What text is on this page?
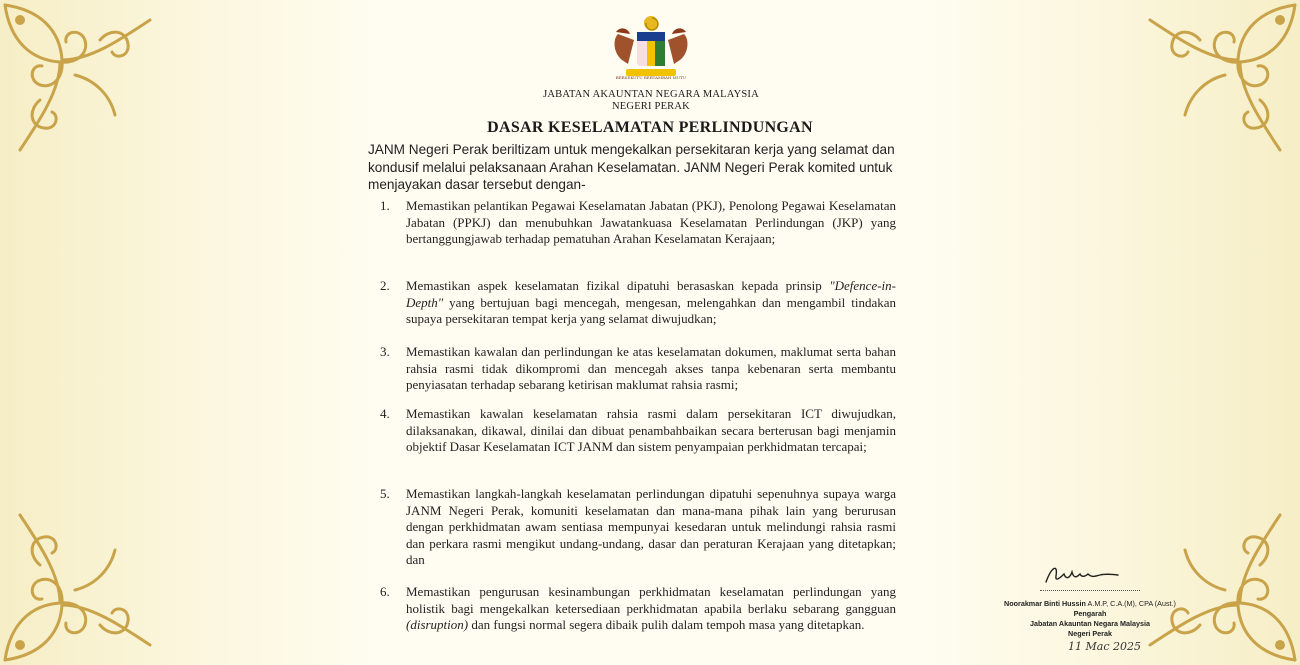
BERSEKUTU BERTAMBAH MUTU
JABATAN AKAUNTAN NEGARA MALAYSIA
NEGERI PERAK
DASAR KESELAMATAN PERLINDUNGAN
JANM Negeri Perak beriltizam untuk mengekalkan persekitaran kerja yang selamat dan
kondusif melalui pelaksanaan Arahan Keselamatan. JANM Negeri Perak komited untuk
menjayakan dasar tersebut dengan-
1.	Memastikan pelantikan Pegawai Keselamatan Jabatan (PKJ), Penolong Pegawai Keselamatan Jabatan (PPKJ) dan menubuhkan Jawatankuasa Keselamatan Perlindungan (JKP) yang bertanggungjawab terhadap pematuhan Arahan Keselamatan Kerajaan;
2.	Memastikan aspek keselamatan fizikal dipatuhi berasaskan kepada prinsip "Defence-in-Depth" yang bertujuan bagi mencegah, mengesan, melengahkan dan mengambil tindakan supaya persekitaran tempat kerja yang selamat diwujudkan;
3.	Memastikan kawalan dan perlindungan ke atas keselamatan dokumen, maklumat serta bahan rahsia rasmi tidak dikompromi dan mencegah akses tanpa kebenaran serta membantu penyiasatan terhadap sebarang ketirisan maklumat rahsia rasmi;
4.	Memastikan kawalan keselamatan rahsia rasmi dalam persekitaran ICT diwujudkan, dilaksanakan, dikawal, dinilai dan dibuat penambahbaikan secara berterusan bagi menjamin objektif Dasar Keselamatan ICT JANM dan sistem penyampaian perkhidmatan tercapai;
5.	Memastikan langkah-langkah keselamatan perlindungan dipatuhi sepenuhnya supaya warga JANM Negeri Perak, komuniti keselamatan dan mana-mana pihak lain yang berurusan dengan perkhidmatan awam sentiasa mempunyai kesedaran untuk melindungi rahsia rasmi dan perkara rasmi mengikut undang-undang, dasar dan peraturan Kerajaan yang ditetapkan; dan
6.	Memastikan pengurusan kesinambungan perkhidmatan keselamatan perlindungan yang holistik bagi mengekalkan ketersediaan perkhidmatan apabila berlaku sebarang gangguan (disruption) dan fungsi normal segera dibaik pulih dalam tempoh masa yang ditetapkan.
Noorakmar Binti Hussin A.M.P, C.A.(M), CPA (Aust.)
Pengarah
Jabatan Akauntan Negara Malaysia
Negeri Perak
11 Mac 2025
